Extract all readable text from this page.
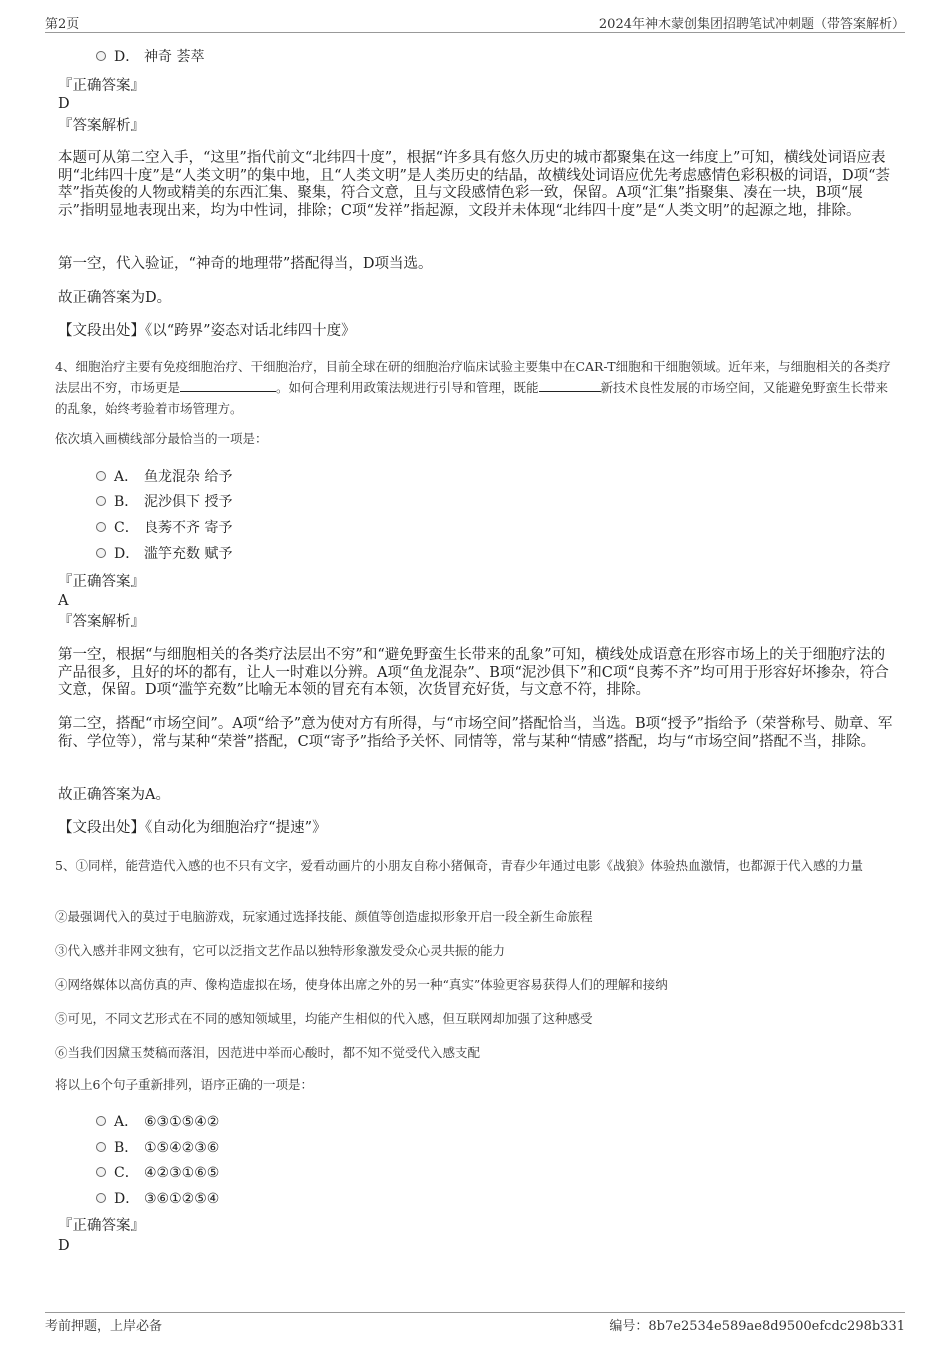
第2页	2024年神木蒙创集团招聘笔试冲刺题（带答案解析）
D． 神奇 荟萃
『正确答案』
D
『答案解析』
本题可从第二空入手，“这里”指代前文“北纬四十度”，根据“许多具有悠久历史的城市都聚集在这一纬度上”可知，横线处词语应表明“北纬四十度”是“人类文明”的集中地，且“人类文明”是人类历史的结晶，故横线处词语应优先考虑感情色彩积极的词语，D项“荟萃”指英俊的人物或精美的东西汇集、聚集，符合文意，且与文段感情色彩一致，保留。A项“汇集”指聚集、凑在一块，B项“展示”指明显地表现出来，均为中性词，排除；C项“发祥”指起源，文段并未体现“北纬四十度”是“人类文明”的起源之地，排除。
第一空，代入验证，“神奇的地理带”搭配得当，D项当选。
故正确答案为D。
【文段出处】《以“跨界”姿态对话北纬四十度》
4、细胞治疗主要有免疫细胞治疗、干细胞治疗，目前全球在研的细胞治疗临床试验主要集中在CAR-T细胞和干细胞领域。近年来，与细胞相关的各类疗法层出不穷，市场更是	。如何合理利用政策法规进行引导和管理，既能	新技术良性发展的市场空间，又能避免野蛮生长带来的乱象，始终考验着市场管理方。
依次填入画横线部分最恰当的一项是：
A． 鱼龙混杂 给予
B． 泥沙俱下 授予
C． 良莠不齐 寄予
D． 滥竽充数 赋予
『正确答案』
A
『答案解析』
第一空，根据“与细胞相关的各类疗法层出不穷”和“避免野蛮生长带来的乱象”可知，横线处成语意在形容市场上的关于细胞疗法的产品很多，且好的坏的都有，让人一时难以分辨。A项“鱼龙混杂”、B项“泥沙俱下”和C项“良莠不齐”均可用于形容好坏掺杂，符合文意，保留。D项“滥竽充数”比喻无本领的冒充有本领，次货冒充好货，与文意不符，排除。
第二空，搭配“市场空间”。A项“给予”意为使对方有所得，与“市场空间”搭配恰当，当选。B项“授予”指给予（荣誉称号、勋章、军衔、学位等），常与某种“荣誉”搭配，C项“寄予”指给予关怀、同情等，常与某种“情感”搭配，均与“市场空间”搭配不当，排除。
故正确答案为A。
【文段出处】《自动化为细胞治疗“提速”》
5、①同样，能营造代入感的也不只有文字，爱看动画片的小朋友自称小猪佩奇，青春少年通过电影《战狼》体验热血激情，也都源于代入感的力量
②最强调代入的莫过于电脑游戏，玩家通过选择技能、颜值等创造虚拟形象开启一段全新生命旅程
③代入感并非网文独有，它可以泛指文艺作品以独特形象激发受众心灵共振的能力
④网络媒体以高仿真的声、像构造虚拟在场，使身体出席之外的另一种“真实”体验更容易获得人们的理解和接纳
⑤可见，不同文艺形式在不同的感知领域里，均能产生相似的代入感，但互联网却加强了这种感受
⑥当我们因黛玉焚稿而落泪，因范进中举而心酸时，都不知不觉受代入感支配
将以上6个句子重新排列，语序正确的一项是：
A． ⑥③①⑤④②
B． ①⑤④②③⑥
C． ④②③①⑥⑤
D． ③⑥①②⑤④
『正确答案』
D
考前押题，上岸必备	编号：8b7e2534e589ae8d9500efcdc298b331
